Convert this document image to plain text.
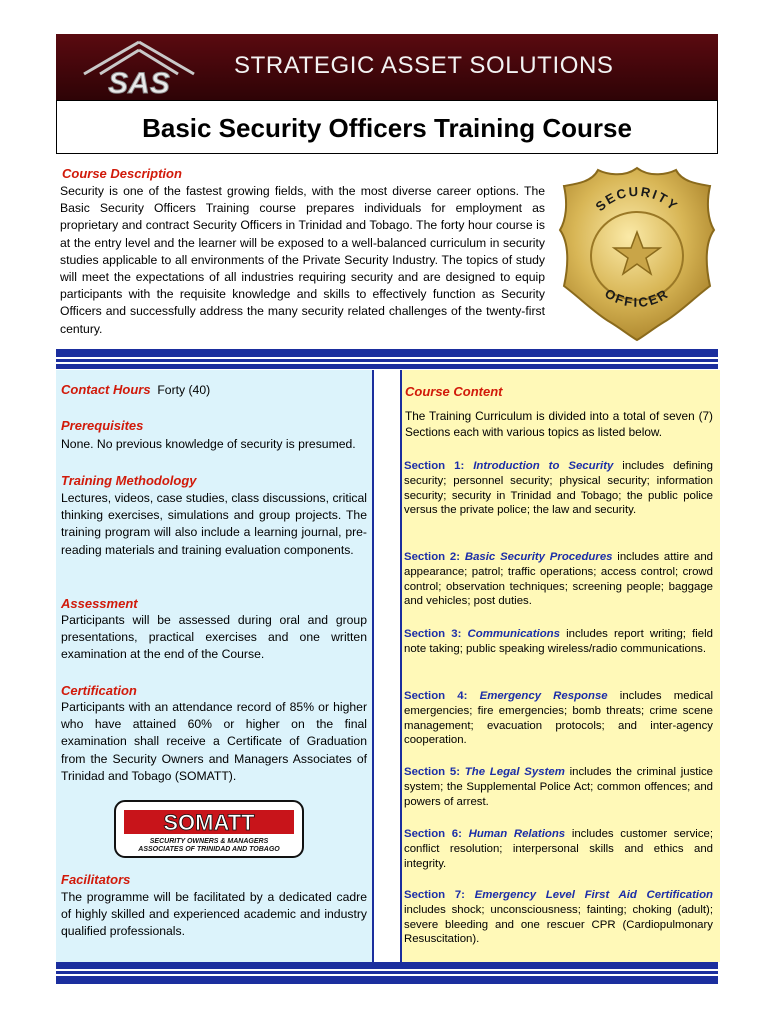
SAS
STRATEGIC ASSET SOLUTIONS
Basic Security Officers Training Course
Course Description
Security is one of the fastest growing fields, with the most diverse career options. The Basic Security Officers Training course prepares individuals for employment as proprietary and contract Security Officers in Trinidad and Tobago. The forty hour course is at the entry level and the learner will be exposed to a well-balanced curriculum in security studies applicable to all environments of the Private Security Industry. The topics of study will meet the expectations of all industries requiring security and are designed to equip participants with the requisite knowledge and skills to effectively function as Security Officers and successfully address the many security related challenges of the twenty-first century.
SECURITY
OFFICER
Contact Hours Forty (40)
Prerequisites
None. No previous knowledge of security is presumed.
Training Methodology
Lectures, videos, case studies, class discussions, critical thinking exercises, simulations and group projects. The training program will also include a learning journal, pre-reading materials and training evaluation components.
Assessment
Participants will be assessed during oral and group presentations, practical exercises and one written examination at the end of the Course.
Certification
Participants with an attendance record of 85% or higher who have attained 60% or higher on the final examination shall receive a Certificate of Graduation from the Security Owners and Managers Associates of Trinidad and Tobago (SOMATT).
SOMATT
SECURITY OWNERS & MANAGERS
ASSOCIATES OF TRINIDAD AND TOBAGO
Facilitators
The programme will be facilitated by a dedicated cadre of highly skilled and experienced academic and industry qualified professionals.
Course Content
The Training Curriculum is divided into a total of seven (7) Sections each with various topics as listed below.
Section 1: Introduction to Security includes defining security; personnel security; physical security; information security; security in Trinidad and Tobago; the public police versus the private police; the law and security.
Section 2: Basic Security Procedures includes attire and appearance; patrol; traffic operations; access control; crowd control; observation techniques; screening people; baggage and vehicles; post duties.
Section 3: Communications includes report writing; field note taking; public speaking wireless/radio communications.
Section 4: Emergency Response includes medical emergencies; fire emergencies; bomb threats; crime scene management; evacuation protocols; and inter-agency cooperation.
Section 5: The Legal System includes the criminal justice system; the Supplemental Police Act; common offences; and powers of arrest.
Section 6: Human Relations includes customer service; conflict resolution; interpersonal skills and ethics and integrity.
Section 7: Emergency Level First Aid Certification includes shock; unconsciousness; fainting; choking (adult); severe bleeding and one rescuer CPR (Cardiopulmonary Resuscitation).
